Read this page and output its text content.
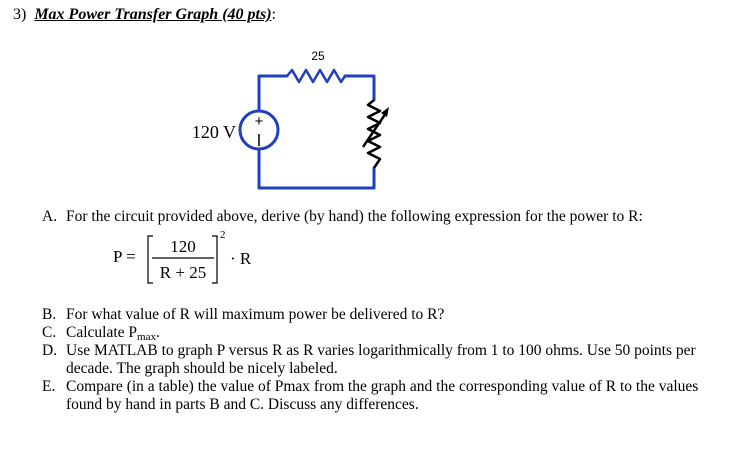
3) Max Power Transfer Graph (40 pts):
+
25
120 V
A. For the circuit provided above, derive (by hand) the following expression for the power to R:
P =
120
R + 25
2
· R
B. For what value of R will maximum power be delivered to R?
C. Calculate $P_{max}$.
D. Use MATLAB to graph P versus R as R varies logarithmically from 1 to 100 ohms. Use 50 points per
decade. The graph should be nicely labeled.
E. Compare (in a table) the value of Pmax from the graph and the corresponding value of R to the values
found by hand in parts B and C. Discuss any differences.
